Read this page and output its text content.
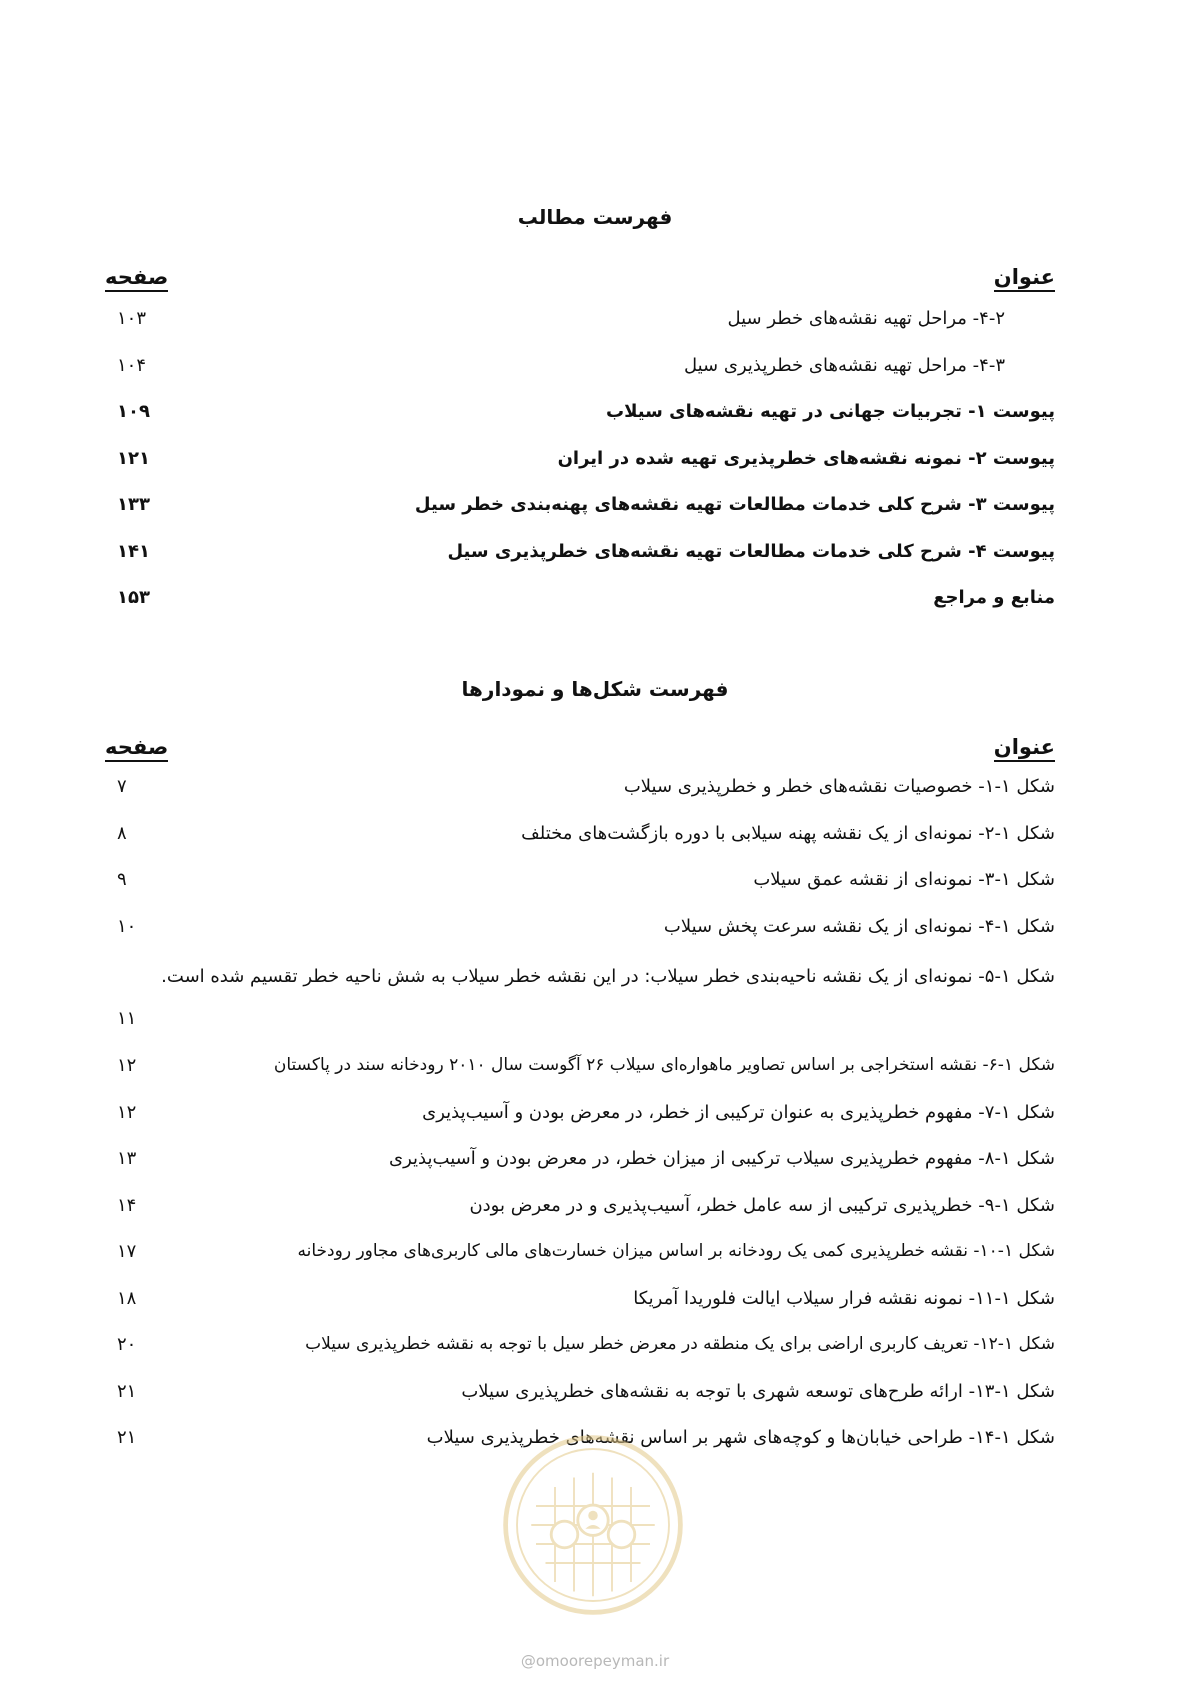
فهرست مطالب
عنوان
صفحه
۴-۲- مراحل تهیه نقشه‌های خطر سیل
۱۰۳
۴-۳- مراحل تهیه نقشه‌های خطرپذیری سیل
۱۰۴
پیوست ۱- تجربیات جهانی در تهیه نقشه‌های سیلاب
۱۰۹
پیوست ۲- نمونه نقشه‌های خطرپذیری تهیه شده در ایران
۱۲۱
پیوست ۳- شرح کلی خدمات مطالعات تهیه نقشه‌های پهنه‌بندی خطر سیل
۱۳۳
پیوست ۴- شرح کلی خدمات مطالعات تهیه نقشه‌های خطرپذیری سیل
۱۴۱
منابع و مراجع
۱۵۳
فهرست شکل‌ها و نمودارها
عنوان
صفحه
شکل ۱-۱- خصوصیات نقشه‌های خطر و خطرپذیری سیلاب
۷
شکل ۱-۲- نمونه‌ای از یک نقشه پهنه سیلابی با دوره بازگشت‌های مختلف
۸
شکل ۱-۳- نمونه‌ای از نقشه عمق سیلاب
۹
شکل ۱-۴- نمونه‌ای از یک نقشه سرعت پخش سیلاب
۱۰
شکل ۱-۵- نمونه‌ای از یک نقشه ناحیه‌بندی خطر سیلاب: در این نقشه خطر سیلاب به شش ناحیه خطر تقسیم شده است.
۱۱
شکل ۱-۶- نقشه استخراجی بر اساس تصاویر ماهواره‌ای سیلاب ۲۶ آگوست سال ۲۰۱۰ رودخانه سند در پاکستان
۱۲
شکل ۱-۷- مفهوم خطرپذیری به عنوان ترکیبی از خطر، در معرض بودن و آسیب‌پذیری
۱۲
شکل ۱-۸- مفهوم خطرپذیری سیلاب ترکیبی از میزان خطر، در معرض بودن و آسیب‌پذیری
۱۳
شکل ۱-۹- خطرپذیری ترکیبی از سه عامل خطر، آسیب‌پذیری و در معرض بودن
۱۴
شکل ۱-۱۰- نقشه خطرپذیری کمی یک رودخانه بر اساس میزان خسارت‌های مالی کاربری‌های مجاور رودخانه
۱۷
شکل ۱-۱۱- نمونه نقشه فرار سیلاب ایالت فلوریدا آمریکا
۱۸
شکل ۱-۱۲- تعریف کاربری اراضی برای یک منطقه در معرض خطر سیل با توجه به نقشه خطرپذیری سیلاب
۲۰
شکل ۱-۱۳- ارائه طرح‌های توسعه شهری با توجه به نقشه‌های خطرپذیری سیلاب
۲۱
شکل ۱-۱۴- طراحی خیابان‌ها و کوچه‌های شهر بر اساس نقشه‌های خطرپذیری سیلاب
۲۱
@omoorepeyman.ir
